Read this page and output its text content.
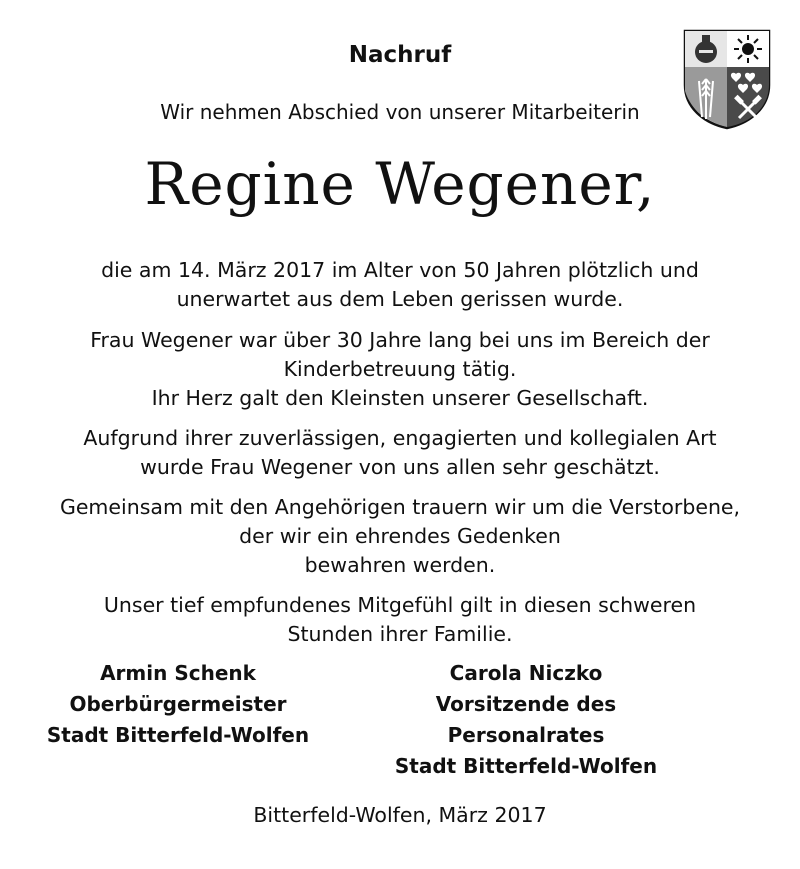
Nachruf
Wir nehmen Abschied von unserer Mitarbeiterin
Regine Wegener,
die am 14. März 2017 im Alter von 50 Jahren plötzlich und
unerwartet aus dem Leben gerissen wurde.
Frau Wegener war über 30 Jahre lang bei uns im Bereich der
Kinderbetreuung tätig.
Ihr Herz galt den Kleinsten unserer Gesellschaft.
Aufgrund ihrer zuverlässigen, engagierten und kollegialen Art
wurde Frau Wegener von uns allen sehr geschätzt.
Gemeinsam mit den Angehörigen trauern wir um die Verstorbene,
der wir ein ehrendes Gedenken
bewahren werden.
Unser tief empfundenes Mitgefühl gilt in diesen schweren
Stunden ihrer Familie.
Armin Schenk
Oberbürgermeister
Stadt Bitterfeld-Wolfen
Carola Niczko
Vorsitzende des Personalrates
Stadt Bitterfeld-Wolfen
Bitterfeld-Wolfen, März 2017
